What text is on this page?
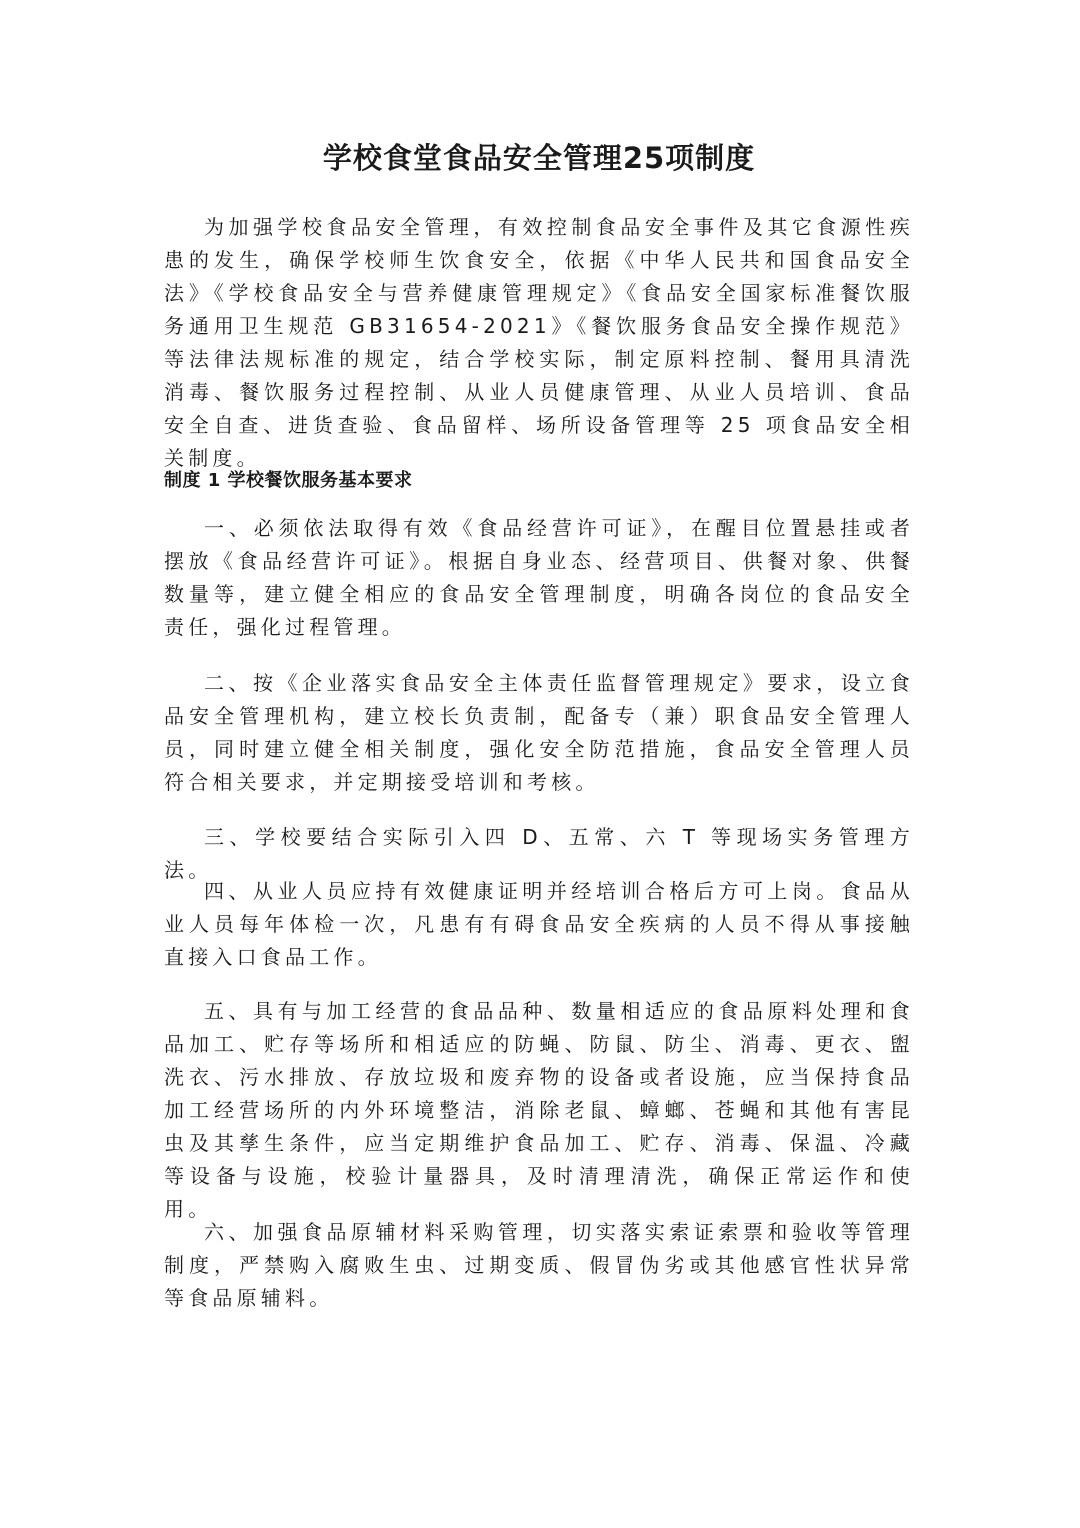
学校食堂食品安全管理25项制度

为加强学校食品安全管理，有效控制食品安全事件及其它食源性疾患的发生，确保学校师生饮食安全，依据《中华人民共和国食品安全法》《学校食品安全与营养健康管理规定》《食品安全国家标准餐饮服务通用卫生规范 GB31654-2021》《餐饮服务食品安全操作规范》等法律法规标准的规定，结合学校实际，制定原料控制、餐用具清洗消毒、餐饮服务过程控制、从业人员健康管理、从业人员培训、食品安全自查、进货查验、食品留样、场所设备管理等 25 项食品安全相关制度。

制度 1 学校餐饮服务基本要求

一、必须依法取得有效《食品经营许可证》，在醒目位置悬挂或者摆放《食品经营许可证》。根据自身业态、经营项目、供餐对象、供餐数量等，建立健全相应的食品安全管理制度，明确各岗位的食品安全责任，强化过程管理。

二、按《企业落实食品安全主体责任监督管理规定》要求，设立食品安全管理机构，建立校长负责制，配备专（兼）职食品安全管理人员，同时建立健全相关制度，强化安全防范措施，食品安全管理人员符合相关要求，并定期接受培训和考核。

三、学校要结合实际引入四 D、五常、六 T 等现场实务管理方法。

四、从业人员应持有效健康证明并经培训合格后方可上岗。食品从业人员每年体检一次，凡患有有碍食品安全疾病的人员不得从事接触直接入口食品工作。

五、具有与加工经营的食品品种、数量相适应的食品原料处理和食品加工、贮存等场所和相适应的防蝇、防鼠、防尘、消毒、更衣、盥洗衣、污水排放、存放垃圾和废弃物的设备或者设施，应当保持食品加工经营场所的内外环境整洁，消除老鼠、蟑螂、苍蝇和其他有害昆虫及其孳生条件，应当定期维护食品加工、贮存、消毒、保温、冷藏等设备与设施，校验计量器具，及时清理清洗，确保正常运作和使用。

六、加强食品原辅材料采购管理，切实落实索证索票和验收等管理制度，严禁购入腐败生虫、过期变质、假冒伪劣或其他感官性状异常等食品原辅料。
